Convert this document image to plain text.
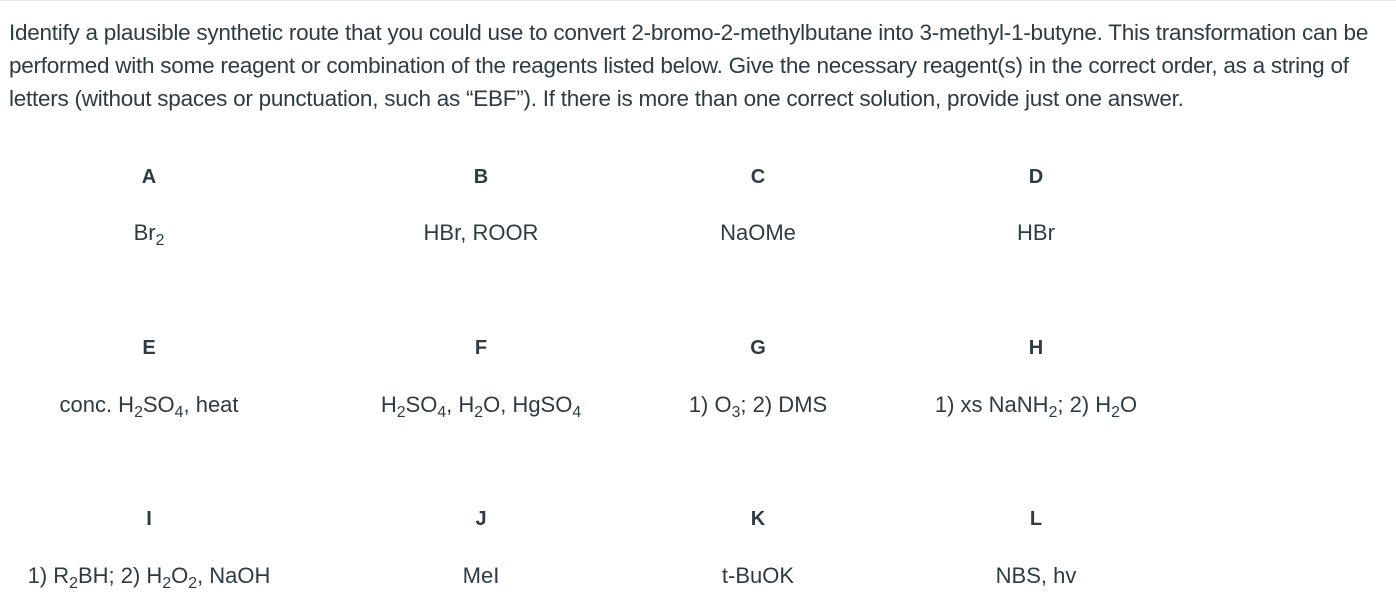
Identify a plausible synthetic route that you could use to convert 2-bromo-2-methylbutane into 3-methyl-1-butyne. This transformation can be performed with some reagent or combination of the reagents listed below. Give the necessary reagent(s) in the correct order, as a string of letters (without spaces or punctuation, such as “EBF”). If there is more than one correct solution, provide just one answer.

A
$Br_2$
B
HBr, ROOR
C
NaOMe
D
HBr
E
conc. $H_2SO_4$, heat
F
$H_2SO_4$, $H_2O$, HgSO$_4$
G
1) $O_3$; 2) DMS
H
1) xs NaNH$_2$; 2) $H_2O$
I
1) $R_2BH$; 2) $H_2O_2$, NaOH
J
MeI
K
t-BuOK
L
NBS, hv
